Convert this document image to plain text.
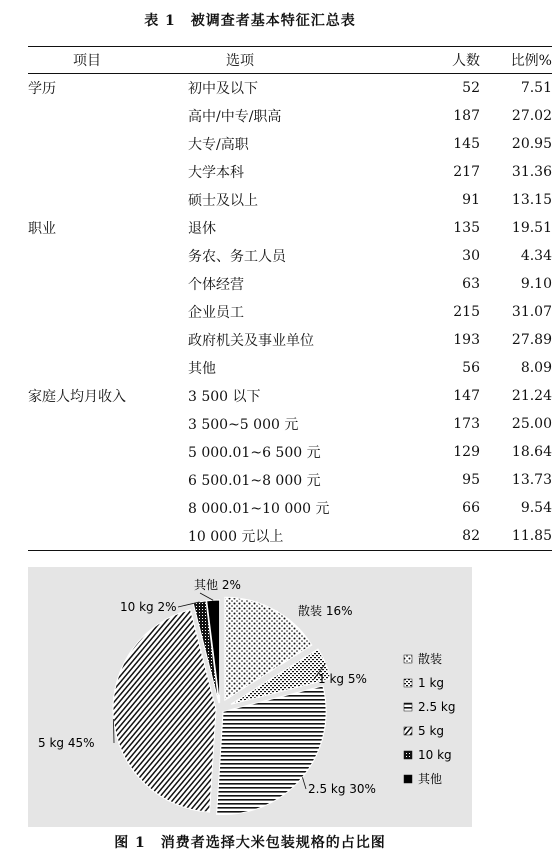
表 1　被调查者基本特征汇总表
项目	选项	人数	比例%
学历	初中及以下	52	7.51
	高中/中专/职高	187	27.02
	大专/高职	145	20.95
	大学本科	217	31.36
	硕士及以上	91	13.15
职业	退休	135	19.51
	务农、务工人员	30	4.34
	个体经营	63	9.10
	企业员工	215	31.07
	政府机关及事业单位	193	27.89
	其他	56	8.09
家庭人均月收入	3 500 以下	147	21.24
	3 500~5 000 元	173	25.00
	5 000.01~6 500 元	129	18.64
	6 500.01~8 000 元	95	13.73
	8 000.01~10 000 元	66	9.54
	10 000 元以上	82	11.85
散装 16%
1 kg 5%
2.5 kg 30%
5 kg 45%
10 kg 2%
其他 2%
散装
1 kg
2.5 kg
5 kg
10 kg
其他
图 1　消费者选择大米包装规格的占比图
